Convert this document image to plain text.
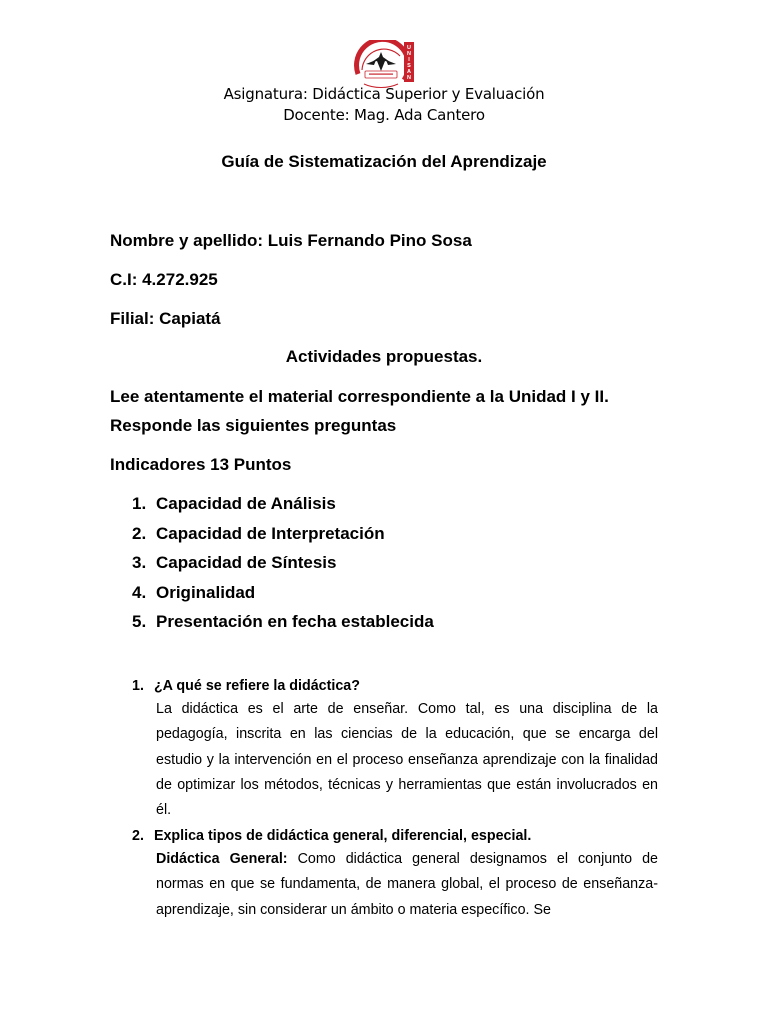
U
N
I
S
A
N
Asignatura: Didáctica Superior y Evaluación
Docente: Mag. Ada Cantero
Guía de Sistematización del Aprendizaje
Nombre y apellido: Luis Fernando Pino Sosa
C.I: 4.272.925
Filial: Capiatá
Actividades propuestas.
Lee atentamente el material correspondiente a la Unidad I y II.
Responde las siguientes preguntas
Indicadores 13 Puntos
1. Capacidad de Análisis
2. Capacidad de Interpretación
3. Capacidad de Síntesis
4. Originalidad
5. Presentación en fecha establecida
1. ¿A qué se refiere la didáctica?
La didáctica es el arte de enseñar. Como tal, es una disciplina de la pedagogía, inscrita en las ciencias de la educación, que se encarga del estudio y la intervención en el proceso enseñanza aprendizaje con la finalidad de optimizar los métodos, técnicas y herramientas que están involucrados en él.
2. Explica tipos de didáctica general, diferencial, especial.
Didáctica General: Como didáctica general designamos el conjunto de normas en que se fundamenta, de manera global, el proceso de enseñanza-aprendizaje, sin considerar un ámbito o materia específico. Se
